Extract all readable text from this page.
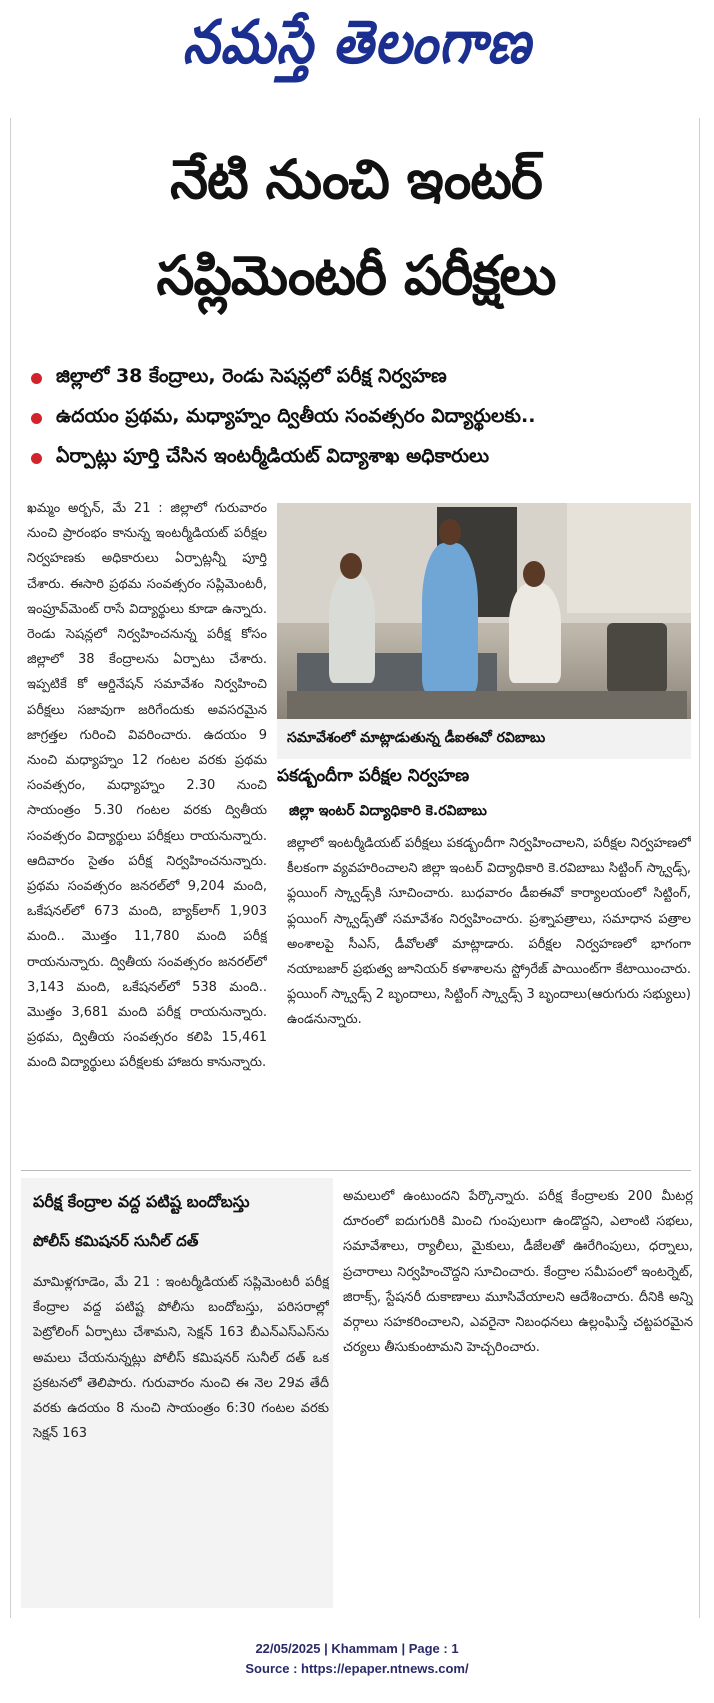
నమస్తే తెలంగాణ
నేటి నుంచి ఇంటర్
సప్లిమెంటరీ పరీక్షలు
జిల్లాలో 38 కేంద్రాలు, రెండు సెషన్లలో పరీక్ష నిర్వహణ
ఉదయం ప్రథమ, మధ్యాహ్నం ద్వితీయ సంవత్సరం విద్యార్థులకు..
ఏర్పాట్లు పూర్తి చేసిన ఇంటర్మీడియట్ విద్యాశాఖ అధికారులు
ఖమ్మం అర్బన్, మే 21 : జిల్లాలో గురువారం నుంచి ప్రారంభం కానున్న ఇంటర్మీడియట్ పరీక్షల నిర్వహణకు అధికారులు ఏర్పాట్లన్నీ పూర్తి చేశారు. ఈసారి ప్రథమ సంవత్సరం సప్లిమెంటరీ, ఇంప్రూవ్‌మెంట్ రాసే విద్యార్థులు కూడా ఉన్నారు. రెండు సెషన్లలో నిర్వహించనున్న పరీక్ష కోసం జిల్లాలో 38 కేంద్రాలను ఏర్పాటు చేశారు. ఇప్పటికే కో ఆర్డినేషన్ సమావేశం నిర్వహించి పరీక్షలు సజావుగా జరిగేందుకు అవసరమైన జాగ్రత్తల గురించి వివరించారు. ఉదయం 9 నుంచి మధ్యాహ్నం 12 గంటల వరకు ప్రథమ సంవత్సరం, మధ్యాహ్నం 2.30 నుంచి సాయంత్రం 5.30 గంటల వరకు ద్వితీయ సంవత్సరం విద్యార్థులు పరీక్షలు రాయనున్నారు. ఆదివారం సైతం పరీక్ష నిర్వహించనున్నారు. ప్రథమ సంవత్సరం జనరల్‌లో 9,204 మంది, ఒకేషనల్‌లో 673 మంది, బ్యాక్‌లాగ్ 1,903 మంది.. మొత్తం 11,780 మంది పరీక్ష రాయనున్నారు. ద్వితీయ సంవత్సరం జనరల్‌లో 3,143 మంది, ఒకేషనల్‌లో 538 మంది.. మొత్తం 3,681 మంది పరీక్ష రాయనున్నారు. ప్రథమ, ద్వితీయ సంవత్సరం కలిపి 15,461 మంది విద్యార్థులు పరీక్షలకు హాజరు కానున్నారు.
సమావేశంలో మాట్లాడుతున్న డీఐఈవో రవిబాబు
పకడ్బందీగా పరీక్షల నిర్వహణ
జిల్లా ఇంటర్ విద్యాధికారి కె.రవిబాబు
జిల్లాలో ఇంటర్మీడియట్ పరీక్షలు పకడ్బందీగా నిర్వహించాలని, పరీక్షల నిర్వహణలో కీలకంగా వ్యవహరించాలని జిల్లా ఇంటర్ విద్యాధికారి కె.రవిబాబు సిట్టింగ్ స్క్వాడ్స్, ఫ్లయింగ్ స్క్వాడ్స్‌కి సూచించారు. బుధవారం డీఐఈవో కార్యాలయంలో సిట్టింగ్, ఫ్లయింగ్ స్క్వాడ్స్‌తో సమావేశం నిర్వహించారు. ప్రశ్నాపత్రాలు, సమాధాన పత్రాల అంశాలపై సీఎస్, డీవోలతో మాట్లాడారు. పరీక్షల నిర్వహణలో భాగంగా నయాబజార్ ప్రభుత్వ జూనియర్ కళాశాలను స్ట్రోరేజ్ పాయింట్‌గా కేటాయించారు. ఫ్లయింగ్ స్క్వాడ్స్ 2 బృందాలు, సిట్టింగ్ స్క్వాడ్స్ 3 బృందాలు(ఆరుగురు సభ్యులు) ఉండనున్నారు.
పరీక్ష కేంద్రాల వద్ద పటిష్ట బందోబస్తు
పోలీస్ కమిషనర్ సునీల్ దత్
మామిళ్లగూడెం, మే 21 : ఇంటర్మీడియట్ సప్లిమెంటరీ పరీక్ష కేంద్రాల వద్ద పటిష్ట పోలీసు బందోబస్తు, పరిసరాల్లో పెట్రోలింగ్ ఏర్పాటు చేశామని, సెక్షన్ 163 బీఎన్ఎస్ఎస్‌ను అమలు చేయనున్నట్లు పోలీస్ కమిషనర్ సునీల్ దత్ ఒక ప్రకటనలో తెలిపారు. గురువారం నుంచి ఈ నెల 29వ తేదీ వరకు ఉదయం 8 నుంచి సాయంత్రం 6:30 గంటల వరకు సెక్షన్ 163
అమలులో ఉంటుందని పేర్కొన్నారు. పరీక్ష కేంద్రాలకు 200 మీటర్ల దూరంలో ఐదుగురికి మించి గుంపులుగా ఉండొద్దని, ఎలాంటి సభలు, సమావేశాలు, ర్యాలీలు, మైకులు, డీజేలతో ఊరేగింపులు, ధర్నాలు, ప్రచారాలు నిర్వహించొద్దని సూచించారు. కేంద్రాల సమీపంలో ఇంటర్నెట్, జిరాక్స్, స్టేషనరీ దుకాణాలు మూసివేయాలని ఆదేశించారు. దీనికి అన్ని వర్గాలు సహకరించాలని, ఎవరైనా నిబంధనలు ఉల్లంఘిస్తే చట్టపరమైన చర్యలు తీసుకుంటామని హెచ్చరించారు.
22/05/2025 | Khammam | Page : 1
Source : https://epaper.ntnews.com/
